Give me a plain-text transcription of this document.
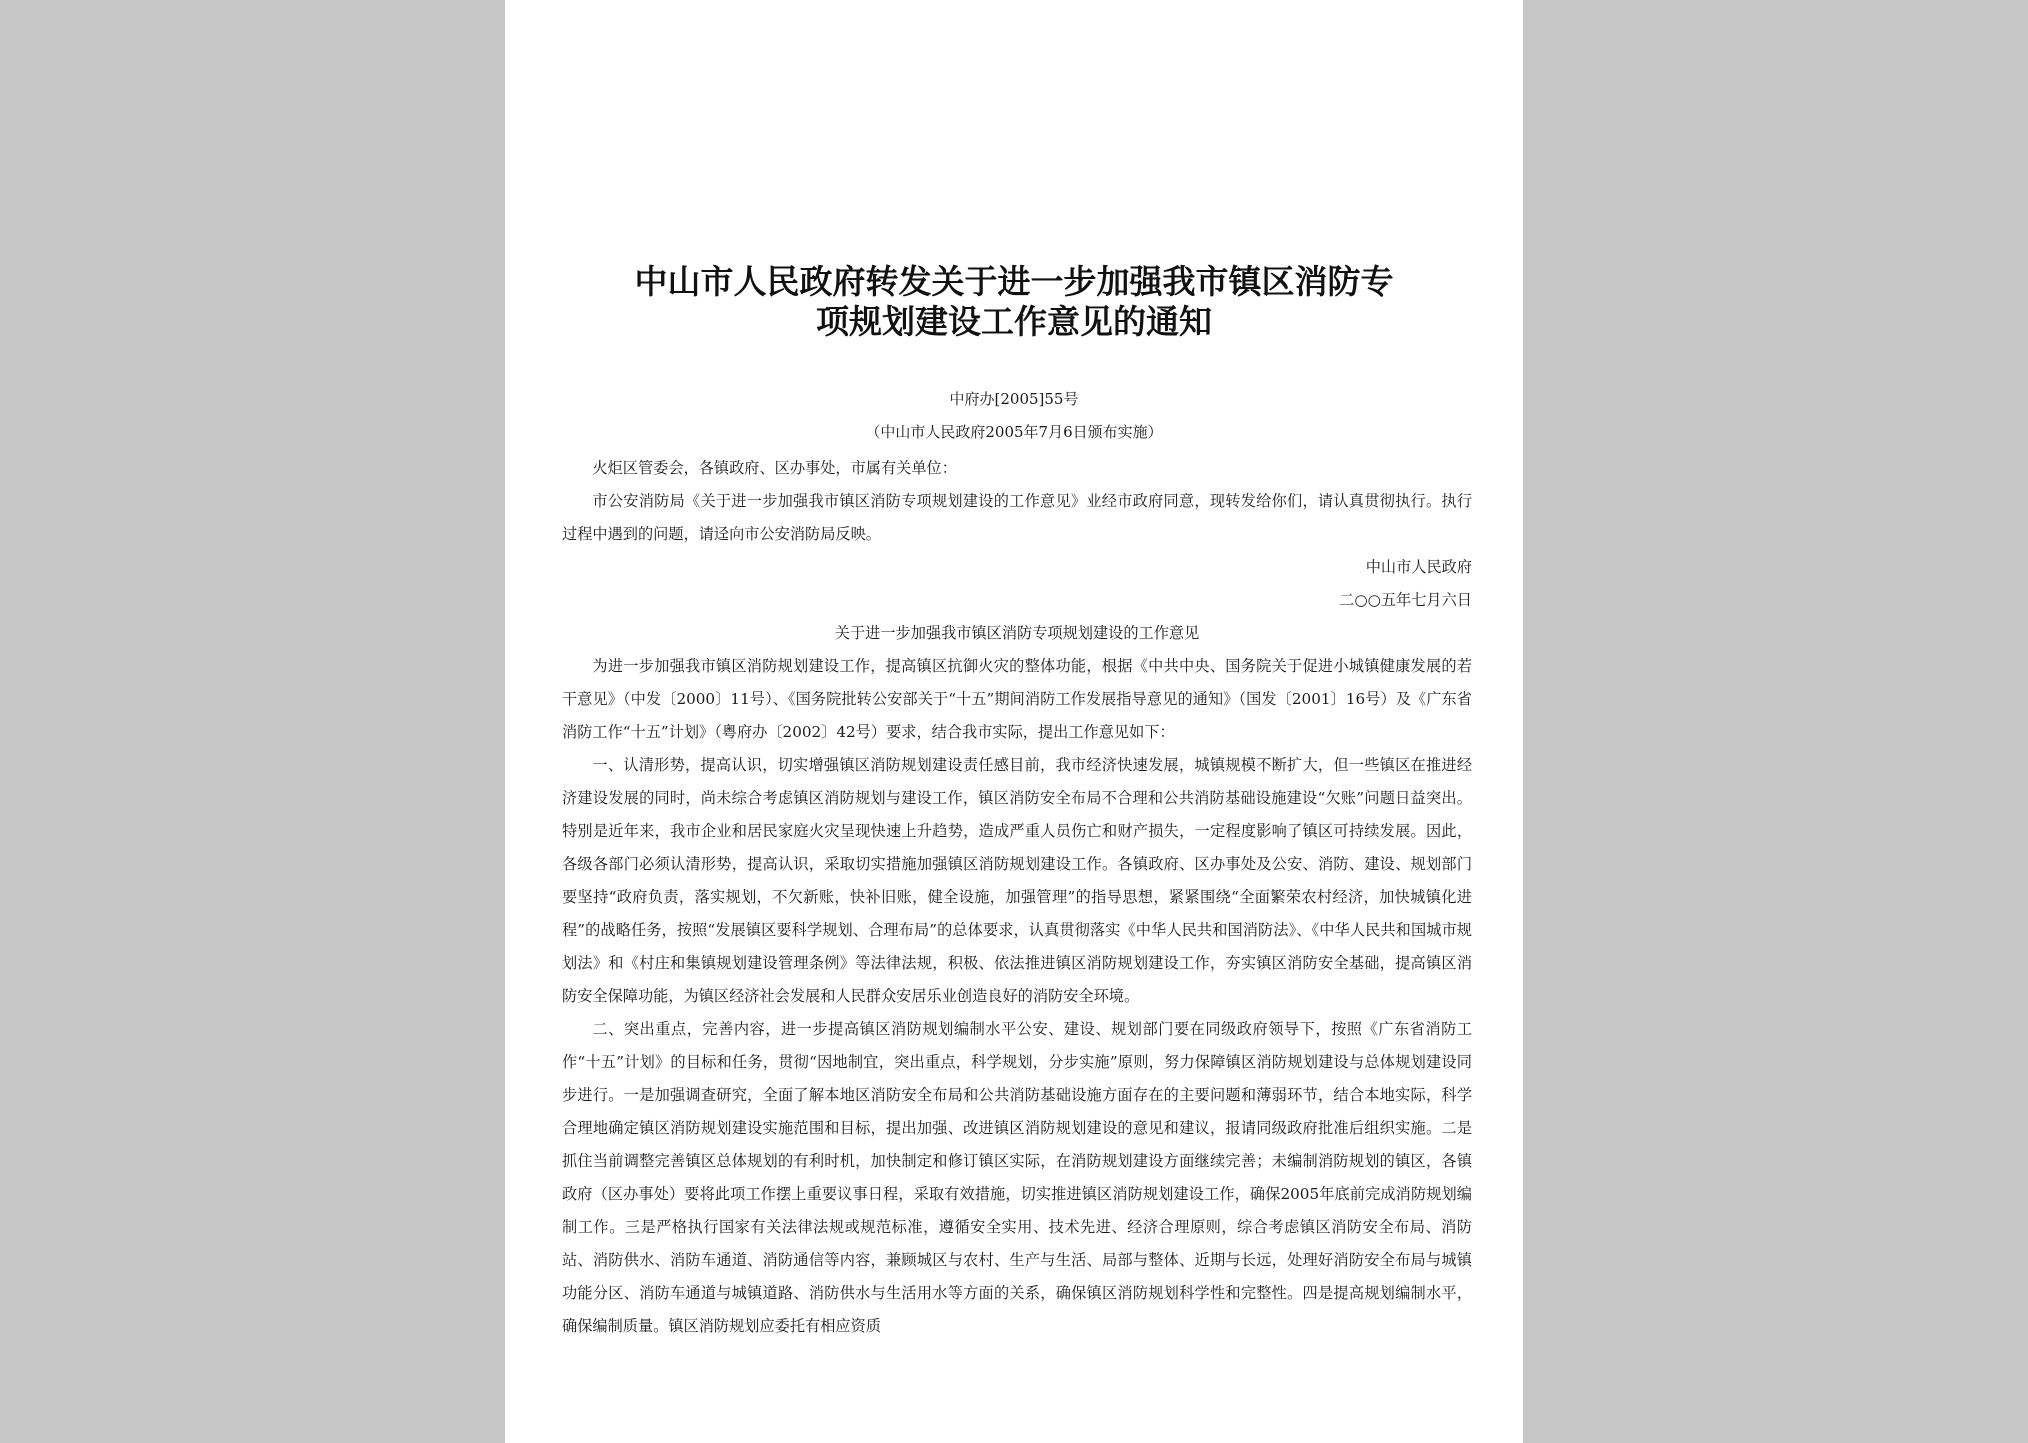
中山市人民政府转发关于进一步加强我市镇区消防专
项规划建设工作意见的通知
中府办[2005]55号
（中山市人民政府2005年7月6日颁布实施）

火炬区管委会，各镇政府、区办事处，市属有关单位：

市公安消防局《关于进一步加强我市镇区消防专项规划建设的工作意见》业经市政府同意，现转发给你们，请认真贯彻执行。执行过程中遇到的问题，请迳向市公安消防局反映。

中山市人民政府

二○○五年七月六日

关于进一步加强我市镇区消防专项规划建设的工作意见

为进一步加强我市镇区消防规划建设工作，提高镇区抗御火灾的整体功能，根据《中共中央、国务院关于促进小城镇健康发展的若干意见》（中发〔2000〕11号）、《国务院批转公安部关于“十五”期间消防工作发展指导意见的通知》（国发〔2001〕16号）及《广东省消防工作“十五”计划》（粤府办〔2002〕42号）要求，结合我市实际，提出工作意见如下：

一、认清形势，提高认识，切实增强镇区消防规划建设责任感目前，我市经济快速发展，城镇规模不断扩大，但一些镇区在推进经济建设发展的同时，尚未综合考虑镇区消防规划与建设工作，镇区消防安全布局不合理和公共消防基础设施建设“欠账”问题日益突出。特别是近年来，我市企业和居民家庭火灾呈现快速上升趋势，造成严重人员伤亡和财产损失，一定程度影响了镇区可持续发展。因此，各级各部门必须认清形势，提高认识，采取切实措施加强镇区消防规划建设工作。各镇政府、区办事处及公安、消防、建设、规划部门要坚持“政府负责，落实规划，不欠新账，快补旧账，健全设施，加强管理”的指导思想，紧紧围绕“全面繁荣农村经济，加快城镇化进程”的战略任务，按照“发展镇区要科学规划、合理布局”的总体要求，认真贯彻落实《中华人民共和国消防法》、《中华人民共和国城市规划法》和《村庄和集镇规划建设管理条例》等法律法规，积极、依法推进镇区消防规划建设工作，夯实镇区消防安全基础，提高镇区消防安全保障功能，为镇区经济社会发展和人民群众安居乐业创造良好的消防安全环境。

二、突出重点，完善内容，进一步提高镇区消防规划编制水平公安、建设、规划部门要在同级政府领导下，按照《广东省消防工作“十五”计划》的目标和任务，贯彻“因地制宜，突出重点，科学规划，分步实施”原则，努力保障镇区消防规划建设与总体规划建设同步进行。一是加强调查研究，全面了解本地区消防安全布局和公共消防基础设施方面存在的主要问题和薄弱环节，结合本地实际，科学合理地确定镇区消防规划建设实施范围和目标，提出加强、改进镇区消防规划建设的意见和建议，报请同级政府批准后组织实施。二是抓住当前调整完善镇区总体规划的有利时机，加快制定和修订镇区实际，在消防规划建设方面继续完善；未编制消防规划的镇区，各镇政府（区办事处）要将此项工作摆上重要议事日程，采取有效措施，切实推进镇区消防规划建设工作，确保2005年底前完成消防规划编制工作。三是严格执行国家有关法律法规或规范标准，遵循安全实用、技术先进、经济合理原则，综合考虑镇区消防安全布局、消防站、消防供水、消防车通道、消防通信等内容，兼顾城区与农村、生产与生活、局部与整体、近期与长远，处理好消防安全布局与城镇功能分区、消防车通道与城镇道路、消防供水与生活用水等方面的关系，确保镇区消防规划科学性和完整性。四是提高规划编制水平，确保编制质量。镇区消防规划应委托有相应资质
